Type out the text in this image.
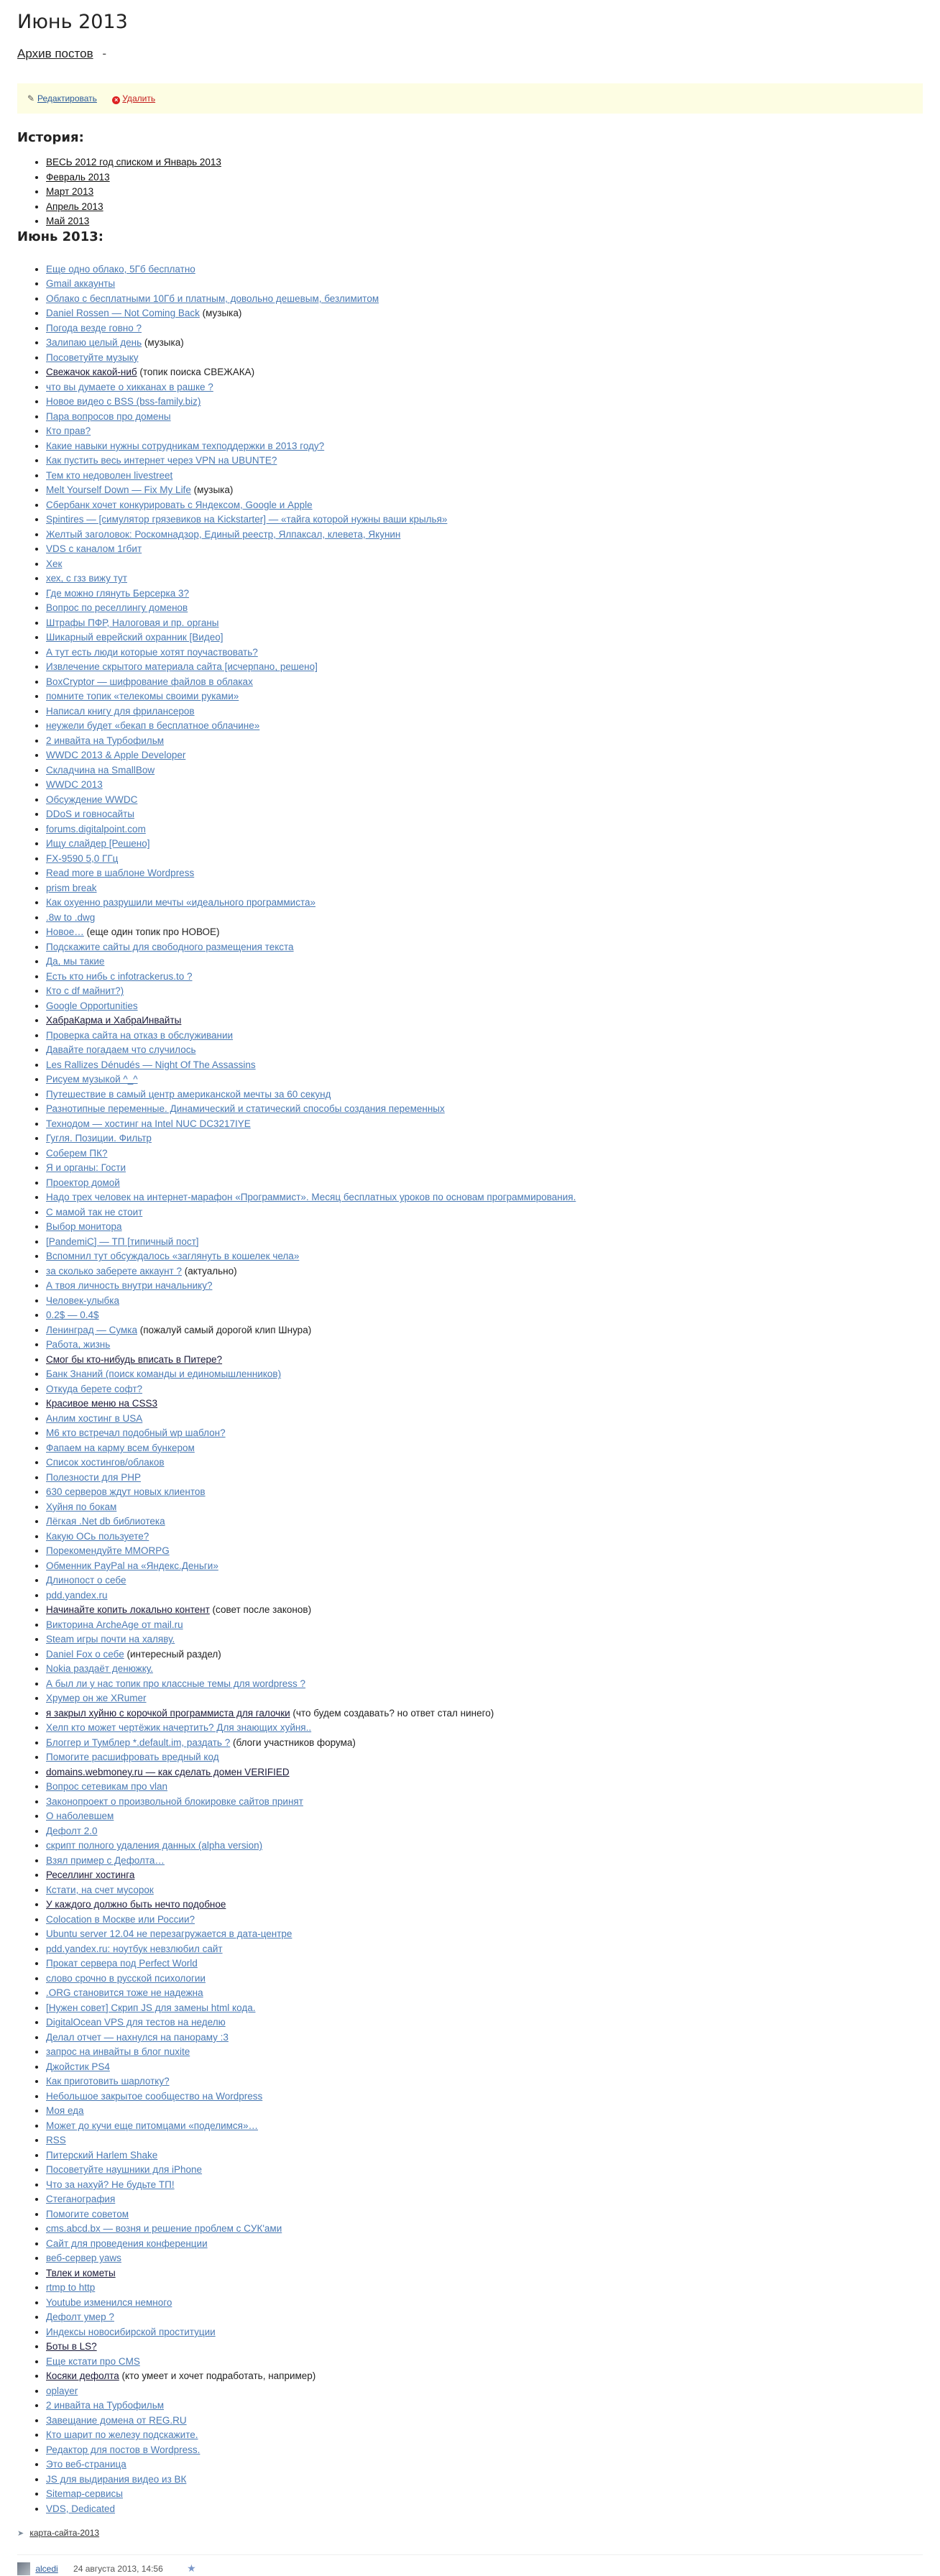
Июнь 2013
Архив постов -
✎ Редактировать	× Удалить
История:
• ВЕСЬ 2012 год списком и Январь 2013
• Февраль 2013
• Март 2013
• Апрель 2013
• Май 2013
Июнь 2013:
• Еще одно облако, 5Гб бесплатно
• Gmail аккаунты
• Облако с бесплатными 10Гб и платным, довольно дешевым, безлимитом
• Daniel Rossen — Not Coming Back (музыка)
• Погода везде говно ?
• Залипаю целый день (музыка)
• Посоветуйте музыку
• Свежачок какой-ниб (топик поиска СВЕЖАКА)
• что вы думаете о хикканах в рашке ?
• Новое видео с BSS (bss-family.biz)
• Пара вопросов про домены
• Кто прав?
• Какие навыки нужны сотрудникам техподдержки в 2013 году?
• Как пустить весь интернет через VPN на UBUNTE?
• Тем кто недоволен livestreet
• Melt Yourself Down — Fix My Life (музыка)
• Сбербанк хочет конкурировать с Яндексом, Google и Apple
• Spintires — [симулятор грязевиков на Kickstarter] — «тайга которой нужны ваши крылья»
• Желтый заголовок: Роскомнадзор, Единый реестр, Ялпаксал, клевета, Якунин
• VDS с каналом 1гбит
• Хек
• хех, с гзз вижу тут
• Где можно глянуть Берсерка 3?
• Вопрос по реселлингу доменов
• Штрафы ПФР, Налоговая и пр. органы
• Шикарный еврейский охранник [Видео]
• А тут есть люди которые хотят поучаствовать?
• Извлечение скрытого материала сайта [исчерпано, решено]
• BoxCryptor — шифрование файлов в облаках
• помните топик «телекомы своими руками»
• Написал книгу для фрилансеров
• неужели будет «бекап в бесплатное облачине»
• 2 инвайта на Турбофильм
• WWDC 2013 & Apple Developer
• Складчина на SmallBow
• WWDC 2013
• Обсуждение WWDC
• DDoS и говносайты
• forums.digitalpoint.com
• Ищу слайдер [Решено]
• FX-9590 5,0 ГГц
• Read more в шаблоне Wordpress
• prism break
• Как охуенно разрушили мечты «идеального программиста»
• .8w to .dwg
• Новое… (еще один топик про НОВОЕ)
• Подскажите сайты для свободного размещения текста
• Да, мы такие
• Есть кто нибь с infotrackerus.to ?
• Кто с df майнит?)
• Google Opportunities
• ХабраКарма и ХабраИнвайты
• Проверка сайта на отказ в обслуживании
• Давайте погадаем что случилось
• Les Rallizes Dénudés — Night Of The Assassins
• Рисуем музыкой ^_^
• Путешествие в самый центр американской мечты за 60 секунд
• Разнотипные переменные. Динамический и статический способы создания переменных
• Технодом — хостинг на Intel NUC DC3217IYE
• Гугля. Позиции. Фильтр
• Соберем ПК?
• Я и органы: Гости
• Проектор домой
• Надо трех человек на интернет-марафон «Программист». Месяц бесплатных уроков по основам программирования.
• С мамой так не стоит
• Выбор монитора
• [PandemiC] — ТП [типичный пост]
• Вспомнил тут обсуждалось «заглянуть в кошелек чела»
• за сколько заберете аккаунт ? (актуально)
• А твоя личность внутри начальнику?
• Человек-улыбка
• 0.2$ — 0.4$
• Ленинград — Сумка (пожалуй самый дорогой клип Шнура)
• Работа, жизнь
• Смог бы кто-нибудь вписать в Питере?
• Банк Знаний (поиск команды и единомышленников)
• Откуда берете софт?
• Красивое меню на CSS3
• Анлим хостинг в USA
• М6 кто встречал подобный wp шаблон?
• Фапаем на карму всем бункером
• Список хостингов/облаков
• Полезности для PHP
• 630 серверов ждут новых клиентов
• Хуйня по бокам
• Лёгкая .Net db библиотека
• Какую ОСь пользуете?
• Порекомендуйте MMORPG
• Обменник PayPal на «Яндекс.Деньги»
• Длинопост о себе
• pdd.yandex.ru
• Начинайте копить локально контент (совет после законов)
• Викторина ArcheAge от mail.ru
• Steam игры почти на халяву.
• Daniel Fox о себе (интересный раздел)
• Nokia раздаёт денюжку.
• А был ли у нас топик про классные темы для wordpress ?
• Хрумер он же XRumer
• я закрыл хуйню с корочкой программиста для галочки (что будем создавать? но ответ стал нинего)
• Хелп кто может чертёжик начертить? Для знающих хуйня..
• Блоггер и Тумблер *.default.im, раздать ? (блоги участников форума)
• Помогите расшифровать вредный код
• domains.webmoney.ru — как сделать домен VERIFIED
• Вопрос сетевикам про vlan
• Законопроект о произвольной блокировке сайтов принят
• О наболевшем
• Дефолт 2.0
• скрипт полного удаления данных (alpha version)
• Взял пример с Дефолта…
• Реселлинг хостинга
• Кстати, на счет мусорок
• У каждого должно быть нечто подобное
• Colocation в Москве или России?
• Ubuntu server 12.04 не перезагружается в дата-центре
• pdd.yandex.ru: ноутбук невзлюбил сайт
• Прокат сервера под Perfect World
• слово срочно в русской психологии
• .ORG становится тоже не надежна
• [Нужен совет] Скрип JS для замены html кода.
• DigitalOcean VPS для тестов на неделю
• Делал отчет — нахнулся на панораму :3
• запрос на инвайты в блог nuxite
• Джойстик PS4
• Как приготовить шарлотку?
• Небольшое закрытое сообщество на Wordpress
• Моя еда
• Может до кучи еще питомцами «поделимся»…
• RSS
• Питерский Harlem Shake
• Посоветуйте наушники для iPhone
• Что за нахуй? Не будьте ТП!
• Стеганография
• Помогите советом
• cms.abcd.bx — возня и решение проблем с CУК'ами
• Сайт для проведения конференции
• веб-сервер yaws
• Твлек и кометы
• rtmp to http
• Youtube изменился немного
• Дефолт умер ?
• Индексы новосибирской проституции
• Боты в LS?
• Еще кстати про CMS
• Косяки дефолта (кто умеет и хочет подработать, например)
• oplayer
• 2 инвайта на Турбофильм
• Завещание домена от REG.RU
• Кто шарит по железу подскажите.
• Редактор для постов в Wordpress.
• Это веб-страница
• JS для выдирания видео из ВК
• Sitemap-сервисы
• VDS, Dedicated
➤ карта-сайта-2013
alcedi 24 августа 2013, 14:56 ★
